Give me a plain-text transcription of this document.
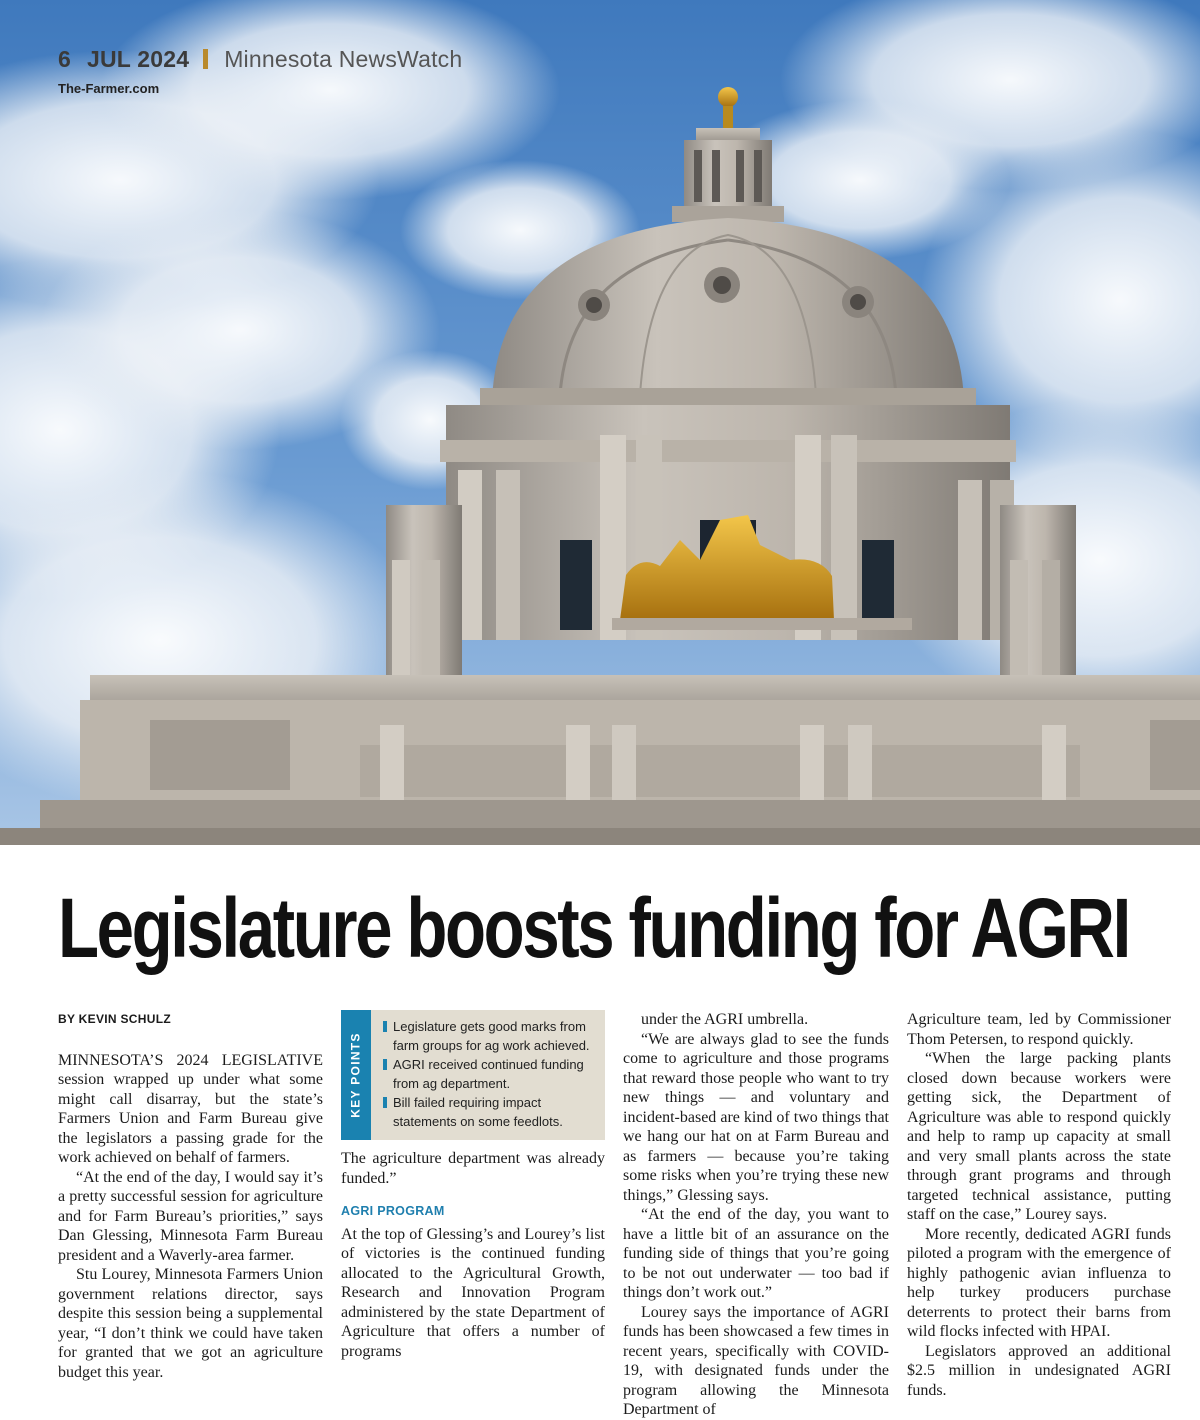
6 JUL 2024 Minnesota NewsWatch
The-Farmer.com
Legislature boosts funding for AGRI

BY KEVIN SCHULZ

MINNESOTA’S 2024 LEGISLATIVE session wrapped up under what some might call disarray, but the state’s Farmers Union and Farm Bureau give the legislators a passing grade for the work achieved on behalf of farmers.

“At the end of the day, I would say it’s a pretty successful session for agriculture and for Farm Bureau’s priorities,” says Dan Glessing, Minnesota Farm Bureau president and a Waverly-area farmer.

Stu Lourey, Minnesota Farmers Union government relations director, says despite this session being a supplemental year, “I don’t think we could have taken for granted that we got an agriculture budget this year.

KEY POINTS
Legislature gets good marks from farm groups for ag work achieved.
AGRI received continued funding from ag department.
Bill failed requiring impact statements on some feedlots.

The agriculture department was already funded.”

AGRI PROGRAM

At the top of Glessing’s and Lourey’s list of victories is the continued funding allocated to the Agricultural Growth, Research and Innovation Program administered by the state Department of Agriculture that offers a number of programs

under the AGRI umbrella.

“We are always glad to see the funds come to agriculture and those programs that reward those people who want to try new things — and voluntary and incident-based are kind of two things that we hang our hat on at Farm Bureau and as farmers — because you’re taking some risks when you’re trying these new things,” Glessing says.

“At the end of the day, you want to have a little bit of an assurance on the funding side of things that you’re going to be not out underwater — too bad if things don’t work out.”

Lourey says the importance of AGRI funds has been showcased a few times in recent years, specifically with COVID-19, with designated funds under the program allowing the Minnesota Department of

Agriculture team, led by Commissioner Thom Petersen, to respond quickly.

“When the large packing plants closed down because workers were getting sick, the Department of Agriculture was able to respond quickly and help to ramp up capacity at small and very small plants across the state through grant programs and through targeted technical assistance, putting staff on the case,” Lourey says.

More recently, dedicated AGRI funds piloted a program with the emergence of highly pathogenic avian influenza to help turkey producers purchase deterrents to protect their barns from wild flocks infected with HPAI.

Legislators approved an additional $2.5 million in undesignated AGRI funds.
